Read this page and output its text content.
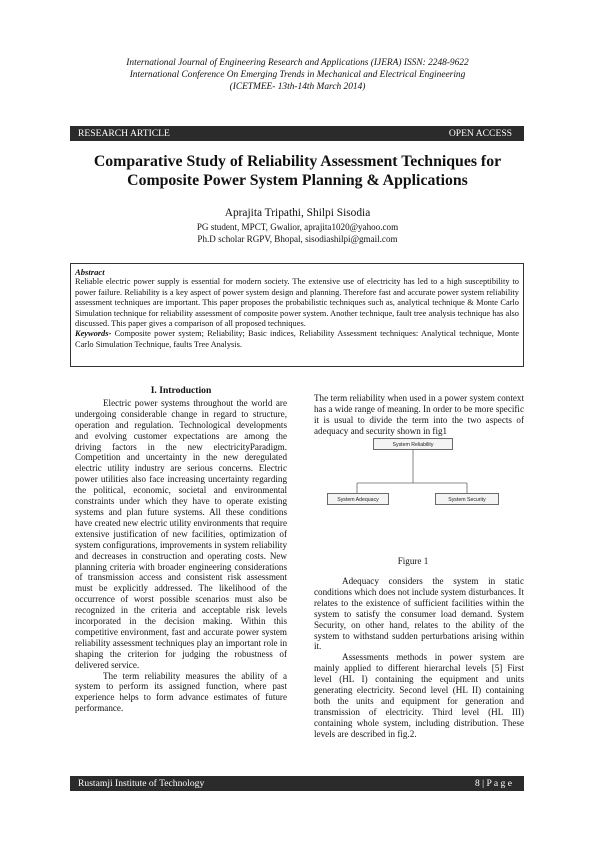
International Journal of Engineering Research and Applications (IJERA) ISSN: 2248-9622
International Conference On Emerging Trends in Mechanical and Electrical Engineering
(ICETMEE- 13th-14th March 2014)
RESEARCH ARTICLE	OPEN ACCESS
Comparative Study of Reliability Assessment Techniques for
Composite Power System Planning & Applications
Aprajita Tripathi, Shilpi Sisodia
PG student, MPCT, Gwalior, aprajita1020@yahoo.com
Ph.D scholar RGPV, Bhopal, sisodiashilpi@gmail.com
Abstract

Reliable electric power supply is essential for modern society. The extensive use of electricity has led to a high susceptibility to power failure. Reliability is a key aspect of power system design and planning. Therefore fast and accurate power system reliability assessment techniques are important. This paper proposes the probabilistic techniques such as, analytical technique & Monte Carlo Simulation technique for reliability assessment of composite power system. Another technique, fault tree analysis technique has also discussed. This paper gives a comparison of all proposed techniques.

Keywords- Composite power system; Reliability; Basic indices, Reliability Assessment techniques: Analytical technique, Monte Carlo Simulation Technique, faults Tree Analysis.

I. Introduction

Electric power systems throughout the world are undergoing considerable change in regard to structure, operation and regulation. Technological developments and evolving customer expectations are among the driving factors in the new electricityParadigm. Competition and uncertainty in the new deregulated electric utility industry are serious concerns. Electric power utilities also face increasing uncertainty regarding the political, economic, societal and environmental constraints under which they have to operate existing systems and plan future systems. All these conditions have created new electric utility environments that require extensive justification of new facilities, optimization of system configurations, improvements in system reliability and decreases in construction and operating costs. New planning criteria with broader engineering considerations of transmission access and consistent risk assessment must be explicitly addressed. The likelihood of the occurrence of worst possible scenarios must also be recognized in the criteria and acceptable risk levels incorporated in the decision making. Within this competitive environment, fast and accurate power system reliability assessment techniques play an important role in shaping the criterion for judging the robustness of delivered service.

The term reliability measures the ability of a system to perform its assigned function, where past experience helps to form advance estimates of future performance.

The term reliability when used in a power system context has a wide range of meaning. In order to be more specific it is usual to divide the term into the two aspects of adequacy and security shown in fig1

System Reliability
System Adequacy	System Security
Figure 1

Adequacy considers the system in static conditions which does not include system disturbances. It relates to the existence of sufficient facilities within the system to satisfy the consumer load demand. System Security, on other hand, relates to the ability of the system to withstand sudden perturbations arising within it.

Assessments methods in power system are mainly applied to different hierarchal levels [5] First level (HL I) containing the equipment and units generating electricity. Second level (HL II) containing both the units and equipment for generation and transmission of electricity. Third level (HL III) containing whole system, including distribution. These levels are described in fig.2.

Rustamji Institute of Technology	8 | P a g e
